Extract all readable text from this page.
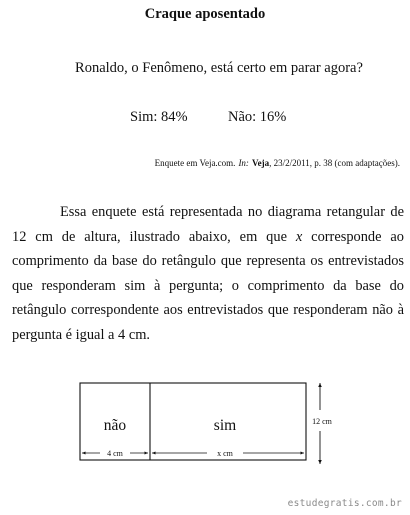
Craque aposentado
Ronaldo, o Fenômeno, está certo em parar agora?
Sim: 84%	Não: 16%
Enquete em Veja.com. In: Veja, 23/2/2011, p. 38 (com adaptações).

Essa enquete está representada no diagrama retangular de 12 cm de altura, ilustrado abaixo, em que x corresponde ao comprimento da base do retângulo que representa os entrevistados que responderam sim à pergunta; o comprimento da base do retângulo correspondente aos entrevistados que responderam não à pergunta é igual a 4 cm.

não	sim
4 cm	x cm
12 cm
estudegratis.com.br
